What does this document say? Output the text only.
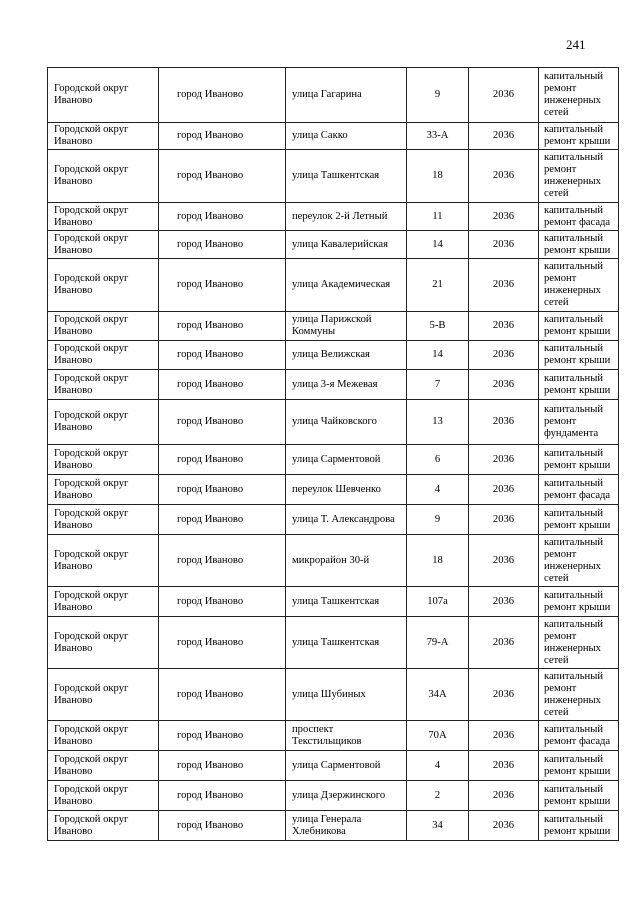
241
Городской округ Иваново	город Иваново	улица Гагарина	9	2036	капитальный ремонт инженерных сетей
Городской округ Иваново	город Иваново	улица Сакко	33-А	2036	капитальный ремонт крыши
Городской округ Иваново	город Иваново	улица Ташкентская	18	2036	капитальный ремонт инженерных сетей
Городской округ Иваново	город Иваново	переулок 2-й Летный	11	2036	капитальный ремонт фасада
Городской округ Иваново	город Иваново	улица Кавалерийская	14	2036	капитальный ремонт крыши
Городской округ Иваново	город Иваново	улица Академическая	21	2036	капитальный ремонт инженерных сетей
Городской округ Иваново	город Иваново	улица Парижской Коммуны	5-В	2036	капитальный ремонт крыши
Городской округ Иваново	город Иваново	улица Велижская	14	2036	капитальный ремонт крыши
Городской округ Иваново	город Иваново	улица 3-я Межевая	7	2036	капитальный ремонт крыши
Городской округ Иваново	город Иваново	улица Чайковского	13	2036	капитальный ремонт фундамента
Городской округ Иваново	город Иваново	улица Сарментовой	6	2036	капитальный ремонт крыши
Городской округ Иваново	город Иваново	переулок Шевченко	4	2036	капитальный ремонт фасада
Городской округ Иваново	город Иваново	улица Т. Александрова	9	2036	капитальный ремонт крыши
Городской округ Иваново	город Иваново	микрорайон 30-й	18	2036	капитальный ремонт инженерных сетей
Городской округ Иваново	город Иваново	улица Ташкентская	107а	2036	капитальный ремонт крыши
Городской округ Иваново	город Иваново	улица Ташкентская	79-А	2036	капитальный ремонт инженерных сетей
Городской округ Иваново	город Иваново	улица Шубиных	34А	2036	капитальный ремонт инженерных сетей
Городской округ Иваново	город Иваново	проспект Текстильщиков	70А	2036	капитальный ремонт фасада
Городской округ Иваново	город Иваново	улица Сарментовой	4	2036	капитальный ремонт крыши
Городской округ Иваново	город Иваново	улица Дзержинского	2	2036	капитальный ремонт крыши
Городской округ Иваново	город Иваново	улица Генерала Хлебникова	34	2036	капитальный ремонт крыши
